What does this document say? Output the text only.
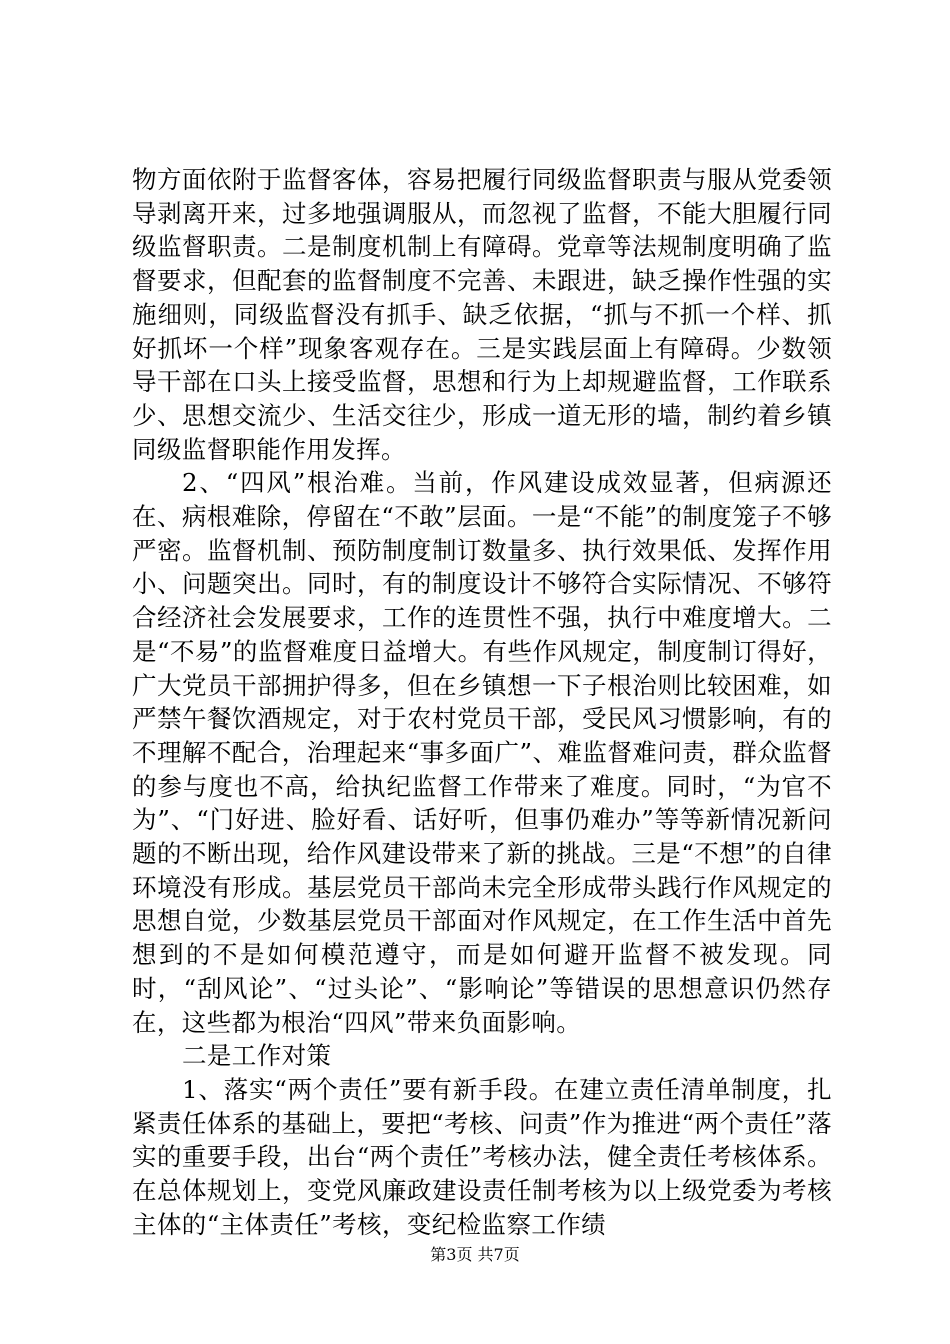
物方面依附于监督客体，容易把履行同级监督职责与服从党委领导剥离开来，过多地强调服从，而忽视了监督，不能大胆履行同级监督职责。二是制度机制上有障碍。党章等法规制度明确了监督要求，但配套的监督制度不完善、未跟进，缺乏操作性强的实施细则，同级监督没有抓手、缺乏依据，“抓与不抓一个样、抓好抓坏一个样”现象客观存在。三是实践层面上有障碍。少数领导干部在口头上接受监督，思想和行为上却规避监督，工作联系少、思想交流少、生活交往少，形成一道无形的墙，制约着乡镇同级监督职能作用发挥。

2、“四风”根治难。当前，作风建设成效显著，但病源还在、病根难除，停留在“不敢”层面。一是“不能”的制度笼子不够严密。监督机制、预防制度制订数量多、执行效果低、发挥作用小、问题突出。同时，有的制度设计不够符合实际情况、不够符合经济社会发展要求，工作的连贯性不强，执行中难度增大。二是“不易”的监督难度日益增大。有些作风规定，制度制订得好，广大党员干部拥护得多，但在乡镇想一下子根治则比较困难，如严禁午餐饮酒规定，对于农村党员干部，受民风习惯影响，有的不理解不配合，治理起来“事多面广”、难监督难问责，群众监督的参与度也不高，给执纪监督工作带来了难度。同时，“为官不为”、“门好进、脸好看、话好听，但事仍难办”等等新情况新问题的不断出现，给作风建设带来了新的挑战。三是“不想”的自律环境没有形成。基层党员干部尚未完全形成带头践行作风规定的思想自觉，少数基层党员干部面对作风规定，在工作生活中首先想到的不是如何模范遵守，而是如何避开监督不被发现。同时，“刮风论”、“过头论”、“影响论”等错误的思想意识仍然存在，这些都为根治“四风”带来负面影响。

二是工作对策

1、落实“两个责任”要有新手段。在建立责任清单制度，扎紧责任体系的基础上，要把“考核、问责”作为推进“两个责任”落实的重要手段，出台“两个责任”考核办法，健全责任考核体系。在总体规划上，变党风廉政建设责任制考核为以上级党委为考核主体的“主体责任”考核，变纪检监察工作绩

第3页 共7页
